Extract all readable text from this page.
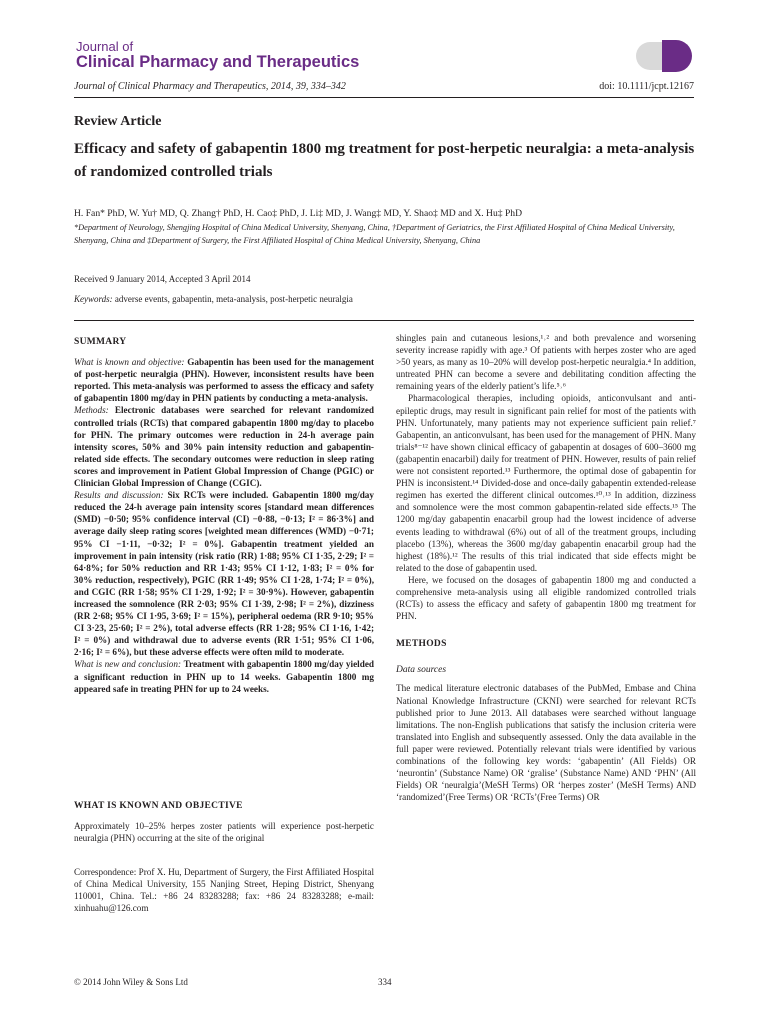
Journal of
Clinical Pharmacy and Therapeutics
Journal of Clinical Pharmacy and Therapeutics, 2014, 39, 334–342	doi: 10.1111/jcpt.12167
Review Article
Efficacy and safety of gabapentin 1800 mg treatment for post-herpetic neuralgia: a meta-analysis of randomized controlled trials
H. Fan* PhD, W. Yu† MD, Q. Zhang† PhD, H. Cao‡ PhD, J. Li‡ MD, J. Wang‡ MD, Y. Shao‡ MD and X. Hu‡ PhD
*Department of Neurology, Shengjing Hospital of China Medical University, Shenyang, China, †Department of Geriatrics, the First Affiliated Hospital of China Medical University, Shenyang, China and ‡Department of Surgery, the First Affiliated Hospital of China Medical University, Shenyang, China
Received 9 January 2014, Accepted 3 April 2014
Keywords: adverse events, gabapentin, meta-analysis, post-herpetic neuralgia

SUMMARY

What is known and objective: Gabapentin has been used for the management of post-herpetic neuralgia (PHN). However, inconsistent results have been reported. This meta-analysis was performed to assess the efficacy and safety of gabapentin 1800 mg/day in PHN patients by conducting a meta-analysis.

Methods: Electronic databases were searched for relevant randomized controlled trials (RCTs) that compared gabapentin 1800 mg/day to placebo for PHN. The primary outcomes were reduction in 24-h average pain intensity scores, 50% and 30% pain intensity reduction and gabapentin-related side effects. The secondary outcomes were reduction in sleep rating scores and improvement in Patient Global Impression of Change (PGIC) or Clinician Global Impression of Change (CGIC).

Results and discussion: Six RCTs were included. Gabapentin 1800 mg/day reduced the 24-h average pain intensity scores [standard mean differences (SMD) −0·50; 95% confidence interval (CI) −0·88, −0·13; I² = 86·3%] and average daily sleep rating scores [weighted mean differences (WMD) −0·71; 95% CI −1·11, −0·32; I² = 0%]. Gabapentin treatment yielded an improvement in pain intensity (risk ratio (RR) 1·88; 95% CI 1·35, 2·29; I² = 64·8%; for 50% reduction and RR 1·43; 95% CI 1·12, 1·83; I² = 0% for 30% reduction, respectively), PGIC (RR 1·49; 95% CI 1·28, 1·74; I² = 0%), and CGIC (RR 1·58; 95% CI 1·29, 1·92; I² = 30·9%). However, gabapentin increased the somnolence (RR 2·03; 95% CI 1·39, 2·98; I² = 2%), dizziness (RR 2·68; 95% CI 1·95, 3·69; I² = 15%), peripheral oedema (RR 9·10; 95% CI 3·23, 25·60; I² = 2%), total adverse effects (RR 1·28; 95% CI 1·16, 1·42; I² = 0%) and withdrawal due to adverse events (RR 1·51; 95% CI 1·06, 2·16; I² = 6%), but these adverse effects were often mild to moderate.

What is new and conclusion: Treatment with gabapentin 1800 mg/day yielded a significant reduction in PHN up to 14 weeks. Gabapentin 1800 mg appeared safe in treating PHN for up to 24 weeks.

WHAT IS KNOWN AND OBJECTIVE

Approximately 10–25% herpes zoster patients will experience post-herpetic neuralgia (PHN) occurring at the site of the original

Correspondence: Prof X. Hu, Department of Surgery, the First Affiliated Hospital of China Medical University, 155 Nanjing Street, Heping District, Shenyang 110001, China. Tel.: +86 24 83283288; fax: +86 24 83283288; e-mail: xinhuahu@126.com

shingles pain and cutaneous lesions,¹˒² and both prevalence and worsening severity increase rapidly with age.³ Of patients with herpes zoster who are aged >50 years, as many as 10–20% will develop post-herpetic neuralgia.⁴ In addition, untreated PHN can become a severe and debilitating condition affecting the remaining years of the elderly patient’s life.⁵˒⁶

Pharmacological therapies, including opioids, anticonvulsant and anti-epileptic drugs, may result in significant pain relief for most of the patients with PHN. Unfortunately, many patients may not experience sufficient pain relief.⁷ Gabapentin, an anticonvulsant, has been used for the management of PHN. Many trials⁸⁻¹² have shown clinical efficacy of gabapentin at dosages of 600–3600 mg (gabapentin enacarbil) daily for treatment of PHN. However, results of pain relief were not consistent reported.¹³ Furthermore, the optimal dose of gabapentin for PHN is inconsistent.¹⁴ Divided-dose and once-daily gabapentin extended-release regimen has exerted the different clinical outcomes.¹⁰˒¹³ In addition, dizziness and somnolence were the most common gabapentin-related side effects.¹⁵ The 1200 mg/day gabapentin enacarbil group had the lowest incidence of adverse events leading to withdrawal (6%) out of all of the treatment groups, including placebo (13%), whereas the 3600 mg/day gabapentin enacarbil group had the highest (18%).¹² The results of this trial indicated that side effects might be related to the dose of gabapentin used.

Here, we focused on the dosages of gabapentin 1800 mg and conducted a comprehensive meta-analysis using all eligible randomized controlled trials (RCTs) to assess the efficacy and safety of gabapentin 1800 mg treatment for PHN.

METHODS

Data sources

The medical literature electronic databases of the PubMed, Embase and China National Knowledge Infrastructure (CKNI) were searched for relevant RCTs published prior to June 2013. All databases were searched without language limitations. The non-English publications that satisfy the inclusion criteria were translated into English and subsequently assessed. Only the data available in the full paper were reviewed. Potentially relevant trials were identified by various combinations of the following key words: ‘gabapentin’ (All Fields) OR ‘neurontin’ (Substance Name) OR ‘gralise’ (Substance Name) AND ‘PHN’ (All Fields) OR ‘neuralgia’(MeSH Terms) OR ‘herpes zoster’ (MeSH Terms) AND ‘randomized’(Free Terms) OR ‘RCTs’(Free Terms) OR

© 2014 John Wiley & Sons Ltd	334
